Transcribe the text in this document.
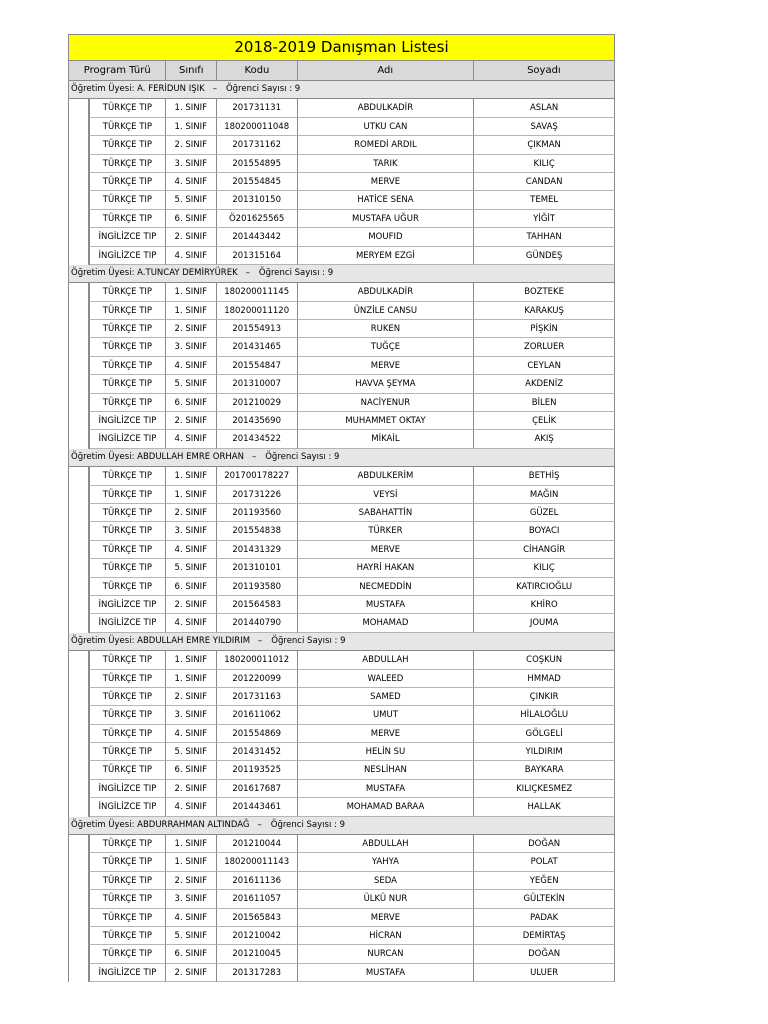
2018-2019 Danışman Listesi
Program Türü	Sınıfı	Kodu	Adı	Soyadı
Öğretim Üyesi: A. FERİDUN IŞIK – Öğrenci Sayısı : 9
TÜRKÇE TIP	1. SINIF	201731131	ABDULKADİR	ASLAN
TÜRKÇE TIP	1. SINIF	180200011048	UTKU CAN	SAVAŞ
TÜRKÇE TIP	2. SINIF	201731162	ROMEDİ ARDIL	ÇIKMAN
TÜRKÇE TIP	3. SINIF	201554895	TARIK	KILIÇ
TÜRKÇE TIP	4. SINIF	201554845	MERVE	CANDAN
TÜRKÇE TIP	5. SINIF	201310150	HATİCE SENA	TEMEL
TÜRKÇE TIP	6. SINIF	Ö201625565	MUSTAFA UĞUR	YİĞİT
İNGİLİZCE TIP	2. SINIF	201443442	MOUFID	TAHHAN
İNGİLİZCE TIP	4. SINIF	201315164	MERYEM EZGİ	GÜNDEŞ
Öğretim Üyesi: A.TUNCAY DEMİRYÜREK – Öğrenci Sayısı : 9
TÜRKÇE TIP	1. SINIF	180200011145	ABDULKADİR	BOZTEKE
TÜRKÇE TIP	1. SINIF	180200011120	ÜNZİLE CANSU	KARAKUŞ
TÜRKÇE TIP	2. SINIF	201554913	RUKEN	PİŞKİN
TÜRKÇE TIP	3. SINIF	201431465	TUĞÇE	ZORLUER
TÜRKÇE TIP	4. SINIF	201554847	MERVE	CEYLAN
TÜRKÇE TIP	5. SINIF	201310007	HAVVA ŞEYMA	AKDENİZ
TÜRKÇE TIP	6. SINIF	201210029	NACİYENUR	BİLEN
İNGİLİZCE TIP	2. SINIF	201435690	MUHAMMET OKTAY	ÇELİK
İNGİLİZCE TIP	4. SINIF	201434522	MİKAİL	AKIŞ
Öğretim Üyesi: ABDULLAH EMRE ORHAN – Öğrenci Sayısı : 9
TÜRKÇE TIP	1. SINIF	201700178227	ABDULKERİM	BETHİŞ
TÜRKÇE TIP	1. SINIF	201731226	VEYSİ	MAĞIN
TÜRKÇE TIP	2. SINIF	201193560	SABAHATTİN	GÜZEL
TÜRKÇE TIP	3. SINIF	201554838	TÜRKER	BOYACI
TÜRKÇE TIP	4. SINIF	201431329	MERVE	CİHANGİR
TÜRKÇE TIP	5. SINIF	201310101	HAYRİ HAKAN	KILIÇ
TÜRKÇE TIP	6. SINIF	201193580	NECMEDDİN	KATIRCIOĞLU
İNGİLİZCE TIP	2. SINIF	201564583	MUSTAFA	KHİRO
İNGİLİZCE TIP	4. SINIF	201440790	MOHAMAD	JOUMA
Öğretim Üyesi: ABDULLAH EMRE YILDIRIM – Öğrenci Sayısı : 9
TÜRKÇE TIP	1. SINIF	180200011012	ABDULLAH	COŞKUN
TÜRKÇE TIP	1. SINIF	201220099	WALEED	HMMAD
TÜRKÇE TIP	2. SINIF	201731163	SAMED	ÇINKIR
TÜRKÇE TIP	3. SINIF	201611062	UMUT	HİLALOĞLU
TÜRKÇE TIP	4. SINIF	201554869	MERVE	GÖLGELİ
TÜRKÇE TIP	5. SINIF	201431452	HELİN SU	YILDIRIM
TÜRKÇE TIP	6. SINIF	201193525	NESLİHAN	BAYKARA
İNGİLİZCE TIP	2. SINIF	201617687	MUSTAFA	KILIÇKESMEZ
İNGİLİZCE TIP	4. SINIF	201443461	MOHAMAD BARAA	HALLAK
Öğretim Üyesi: ABDURRAHMAN ALTINDAĞ – Öğrenci Sayısı : 9
TÜRKÇE TIP	1. SINIF	201210044	ABDULLAH	DOĞAN
TÜRKÇE TIP	1. SINIF	180200011143	YAHYA	POLAT
TÜRKÇE TIP	2. SINIF	201611136	SEDA	YEĞEN
TÜRKÇE TIP	3. SINIF	201611057	ÜLKÜ NUR	GÜLTEKİN
TÜRKÇE TIP	4. SINIF	201565843	MERVE	PADAK
TÜRKÇE TIP	5. SINIF	201210042	HİCRAN	DEMİRTAŞ
TÜRKÇE TIP	6. SINIF	201210045	NURCAN	DOĞAN
İNGİLİZCE TIP	2. SINIF	201317283	MUSTAFA	ULUER
